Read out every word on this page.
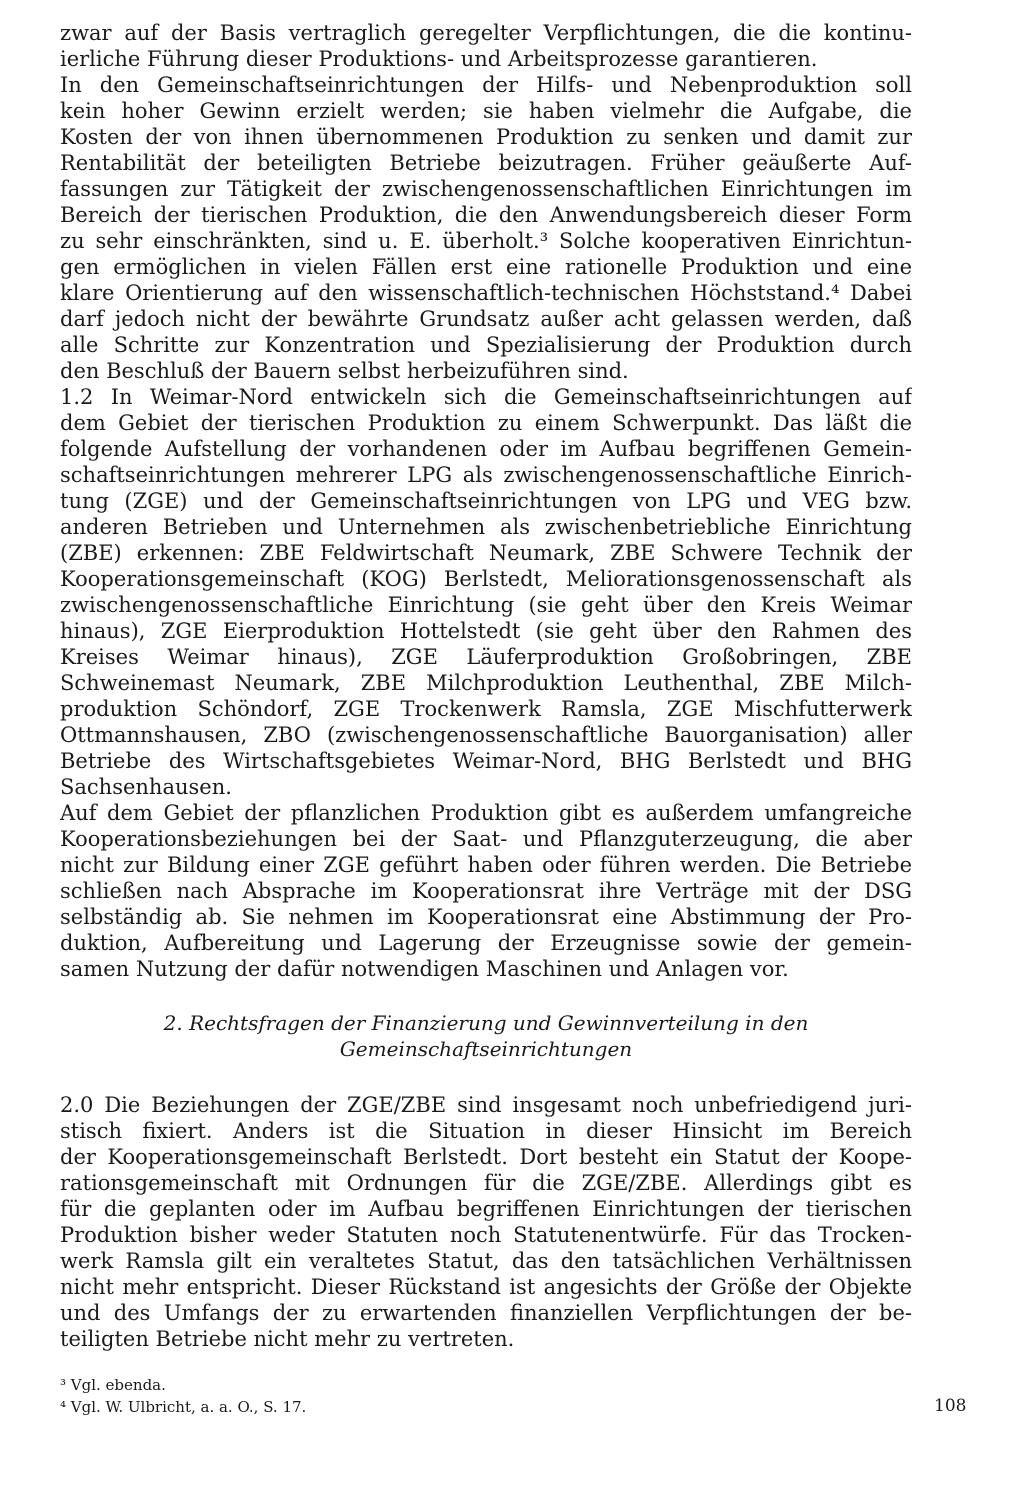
zwar auf der Basis vertraglich geregelter Verpflichtungen, die die kontinu-
ierliche Führung dieser Produktions- und Arbeitsprozesse garantieren.
In den Gemeinschaftseinrichtungen der Hilfs- und Nebenproduktion soll
kein hoher Gewinn erzielt werden; sie haben vielmehr die Aufgabe, die
Kosten der von ihnen übernommenen Produktion zu senken und damit zur
Rentabilität der beteiligten Betriebe beizutragen. Früher geäußerte Auf-
fassungen zur Tätigkeit der zwischengenossenschaftlichen Einrichtungen im
Bereich der tierischen Produktion, die den Anwendungsbereich dieser Form
zu sehr einschränkten, sind u. E. überholt.³ Solche kooperativen Einrichtun-
gen ermöglichen in vielen Fällen erst eine rationelle Produktion und eine
klare Orientierung auf den wissenschaftlich-technischen Höchststand.⁴ Dabei
darf jedoch nicht der bewährte Grundsatz außer acht gelassen werden, daß
alle Schritte zur Konzentration und Spezialisierung der Produktion durch
den Beschluß der Bauern selbst herbeizuführen sind.
1.2 In Weimar-Nord entwickeln sich die Gemeinschaftseinrichtungen auf
dem Gebiet der tierischen Produktion zu einem Schwerpunkt. Das läßt die
folgende Aufstellung der vorhandenen oder im Aufbau begriffenen Gemein-
schaftseinrichtungen mehrerer LPG als zwischengenossenschaftliche Einrich-
tung (ZGE) und der Gemeinschaftseinrichtungen von LPG und VEG bzw.
anderen Betrieben und Unternehmen als zwischenbetriebliche Einrichtung
(ZBE) erkennen: ZBE Feldwirtschaft Neumark, ZBE Schwere Technik der
Kooperationsgemeinschaft (KOG) Berlstedt, Meliorationsgenossenschaft als
zwischengenossenschaftliche Einrichtung (sie geht über den Kreis Weimar
hinaus), ZGE Eierproduktion Hottelstedt (sie geht über den Rahmen des
Kreises Weimar hinaus), ZGE Läuferproduktion Großobringen, ZBE
Schweinemast Neumark, ZBE Milchproduktion Leuthenthal, ZBE Milch-
produktion Schöndorf, ZGE Trockenwerk Ramsla, ZGE Mischfutterwerk
Ottmannshausen, ZBO (zwischengenossenschaftliche Bauorganisation) aller
Betriebe des Wirtschaftsgebietes Weimar-Nord, BHG Berlstedt und BHG
Sachsenhausen.
Auf dem Gebiet der pflanzlichen Produktion gibt es außerdem umfangreiche
Kooperationsbeziehungen bei der Saat- und Pflanzguterzeugung, die aber
nicht zur Bildung einer ZGE geführt haben oder führen werden. Die Betriebe
schließen nach Absprache im Kooperationsrat ihre Verträge mit der DSG
selbständig ab. Sie nehmen im Kooperationsrat eine Abstimmung der Pro-
duktion, Aufbereitung und Lagerung der Erzeugnisse sowie der gemein-
samen Nutzung der dafür notwendigen Maschinen und Anlagen vor.
2. Rechtsfragen der Finanzierung und Gewinnverteilung in den
Gemeinschaftseinrichtungen
2.0 Die Beziehungen der ZGE/ZBE sind insgesamt noch unbefriedigend juri-
stisch fixiert. Anders ist die Situation in dieser Hinsicht im Bereich
der Kooperationsgemeinschaft Berlstedt. Dort besteht ein Statut der Koope-
rationsgemeinschaft mit Ordnungen für die ZGE/ZBE. Allerdings gibt es
für die geplanten oder im Aufbau begriffenen Einrichtungen der tierischen
Produktion bisher weder Statuten noch Statutenentwürfe. Für das Trocken-
werk Ramsla gilt ein veraltetes Statut, das den tatsächlichen Verhältnissen
nicht mehr entspricht. Dieser Rückstand ist angesichts der Größe der Objekte
und des Umfangs der zu erwartenden finanziellen Verpflichtungen der be-
teiligten Betriebe nicht mehr zu vertreten.
³ Vgl. ebenda.
⁴ Vgl. W. Ulbricht, a. a. O., S. 17.	108
